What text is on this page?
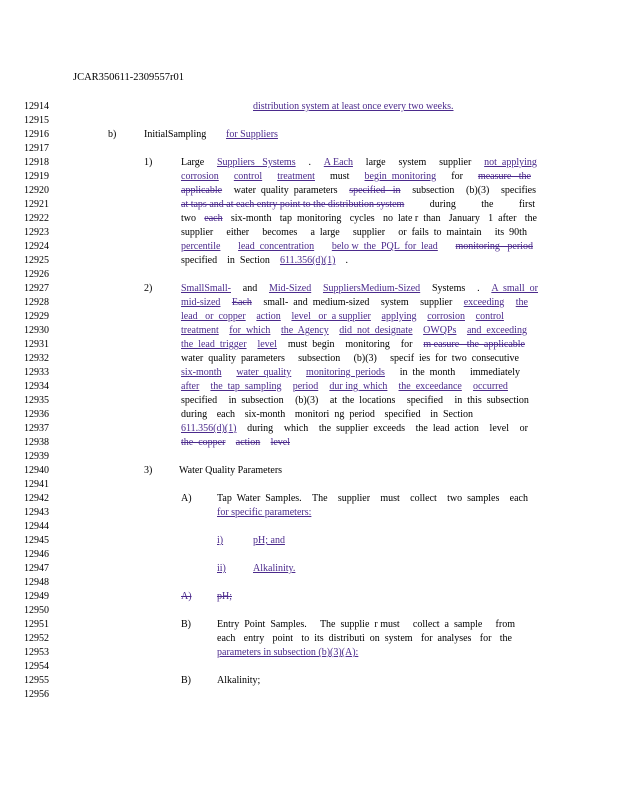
JCAR350611-2309557r01
12914
12915
12916
12917
12918
12919
12920
12921
12922
12923
12924
12925
12926
12927
12928
12929
12930
12931
12932
12933
12934
12935
12936
12937
12938
12939
12940
12941
12942
12943
12944
12945
12946
12947
12948
12949
12950
12951
12952
12953
12954
12955
12956
distribution system at least once every two weeks.
b)	InitialSampling for Suppliers
1)	Large Suppliers   Systems . A Each large system supplier not  applying
corrosion control treatment must begin  monitoring for measure   the
applicable water  quality  parameters specified   in subsection (b)(3) specifies
at taps and at each entry point to the distribution system	during	the	first
two each six-month tap  monitoring cycles no  late r  than January 1  after the
supplier either becomes a  large supplier or  fails  to  maintain its  90th
percentile lead  concentration belo w  the  PQL  for  lead monitoring   period
specified in  Section 611.356(d)(1) .
2)	SmallSmall- and Mid-Sized SuppliersMedium-Sized Systems . A  small  or
mid-sized Each small-  and  medium-sized system supplier exceeding the
lead   or  copper action level   or  a supplier applying corrosion control
treatment for  which the  Agency did  not  designate OWQPs and  exceeding
the  lead  trigger level must  begin monitoring for m easure   the  applicable
water  quality  parameters subsection (b)(3) specif  ies  for  two  consecutive
six-month water  quality monitoring  periods in  the  month immediately
after the  tap  sampling period dur ing  which the  exceedance occurred
specified in  subsection (b)(3) at  the  locations specified in  this  subsection
during each six-month monitori  ng  period specified in  Section
611.356(d)(1) during which the  supplier  exceeds the  lead  action level or
the  copper action level
3)	Water Quality Parameters
A)	Tap  Water  Samples. The supplier must collect two  samples each
for specific parameters:
i)	pH; and
ii)	Alkalinity.
A)	pH;
B)	Entry  Point  Samples. The  supplie  r must collect  a  sample from
each entry point to  its  distributi  on  system for  analyses for the
parameters in subsection (b)(3)(A):
B)	Alkalinity;
